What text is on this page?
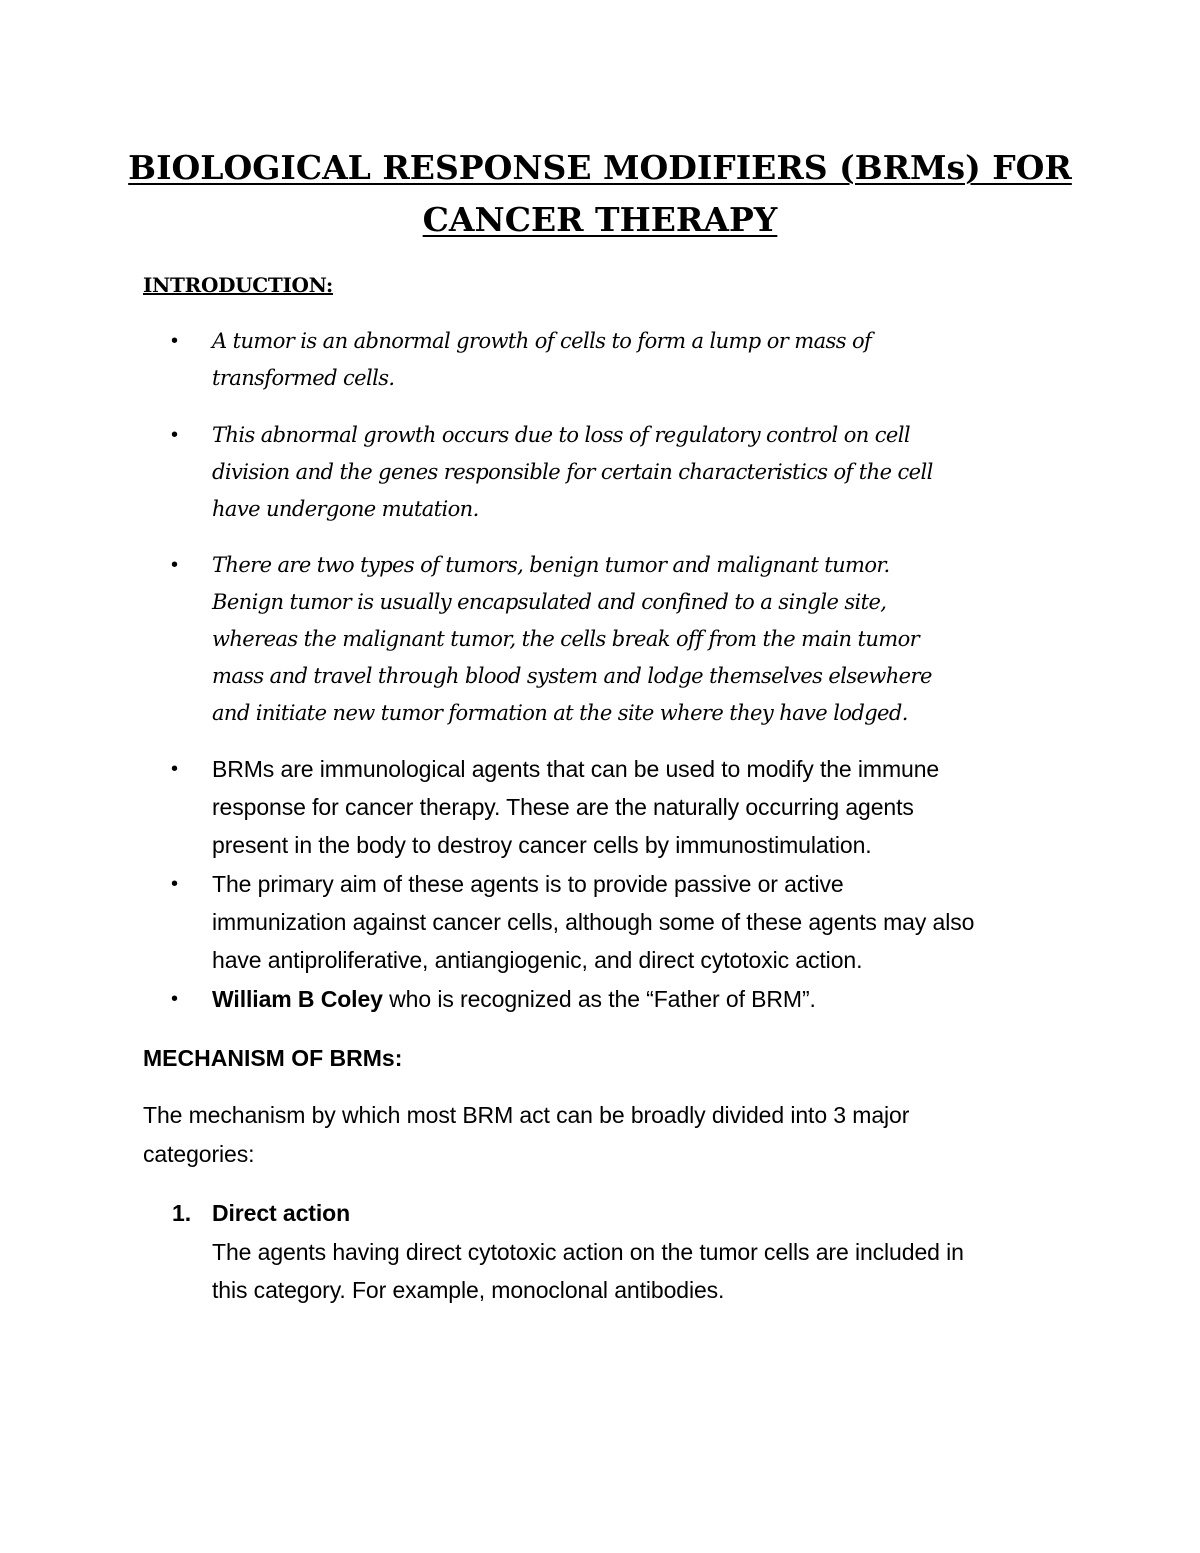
BIOLOGICAL RESPONSE MODIFIERS (BRMs) FOR
CANCER THERAPY
INTRODUCTION:
• A tumor is an abnormal growth of cells to form a lump or mass of
transformed cells.
• This abnormal growth occurs due to loss of regulatory control on cell
division and the genes responsible for certain characteristics of the cell
have undergone mutation.
• There are two types of tumors, benign tumor and malignant tumor.
Benign tumor is usually encapsulated and confined to a single site,
whereas the malignant tumor, the cells break off from the main tumor
mass and travel through blood system and lodge themselves elsewhere
and initiate new tumor formation at the site where they have lodged.
• BRMs are immunological agents that can be used to modify the immune
response for cancer therapy. These are the naturally occurring agents
present in the body to destroy cancer cells by immunostimulation.
• The primary aim of these agents is to provide passive or active
immunization against cancer cells, although some of these agents may also
have antiproliferative, antiangiogenic, and direct cytotoxic action.
• William B Coley who is recognized as the “Father of BRM”.
MECHANISM OF BRMs:
The mechanism by which most BRM act can be broadly divided into 3 major
categories:
1. Direct action
The agents having direct cytotoxic action on the tumor cells are included in
this category. For example, monoclonal antibodies.
